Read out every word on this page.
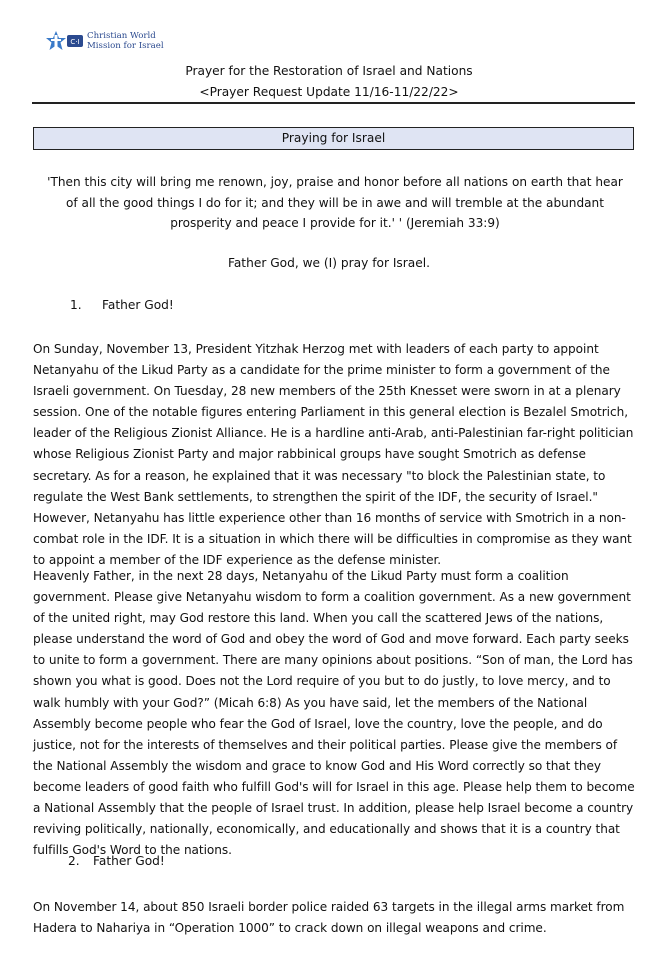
C·I
Christian World
Mission for Israel
Prayer for the Restoration of Israel and Nations
<Prayer Request Update 11/16-11/22/22>
Praying for Israel
'Then this city will bring me renown, joy, praise and honor before all nations on earth that hear of all the good things I do for it; and they will be in awe and will tremble at the abundant prosperity and peace I provide for it.' ' (Jeremiah 33:9)
Father God, we (I) pray for Israel.
1.	Father God!
On Sunday, November 13, President Yitzhak Herzog met with leaders of each party to appoint Netanyahu of the Likud Party as a candidate for the prime minister to form a government of the Israeli government. On Tuesday, 28 new members of the 25th Knesset were sworn in at a plenary session. One of the notable figures entering Parliament in this general election is Bezalel Smotrich, leader of the Religious Zionist Alliance. He is a hardline anti-Arab, anti-Palestinian far-right politician whose Religious Zionist Party and major rabbinical groups have sought Smotrich as defense secretary. As for a reason, he explained that it was necessary "to block the Palestinian state, to regulate the West Bank settlements, to strengthen the spirit of the IDF, the security of Israel." However, Netanyahu has little experience other than 16 months of service with Smotrich in a non-combat role in the IDF. It is a situation in which there will be difficulties in compromise as they want to appoint a member of the IDF experience as the defense minister.
Heavenly Father, in the next 28 days, Netanyahu of the Likud Party must form a coalition government. Please give Netanyahu wisdom to form a coalition government. As a new government of the united right, may God restore this land. When you call the scattered Jews of the nations, please understand the word of God and obey the word of God and move forward. Each party seeks to unite to form a government. There are many opinions about positions. “Son of man, the Lord has shown you what is good. Does not the Lord require of you but to do justly, to love mercy, and to walk humbly with your God?” (Micah 6:8) As you have said, let the members of the National Assembly become people who fear the God of Israel, love the country, love the people, and do justice, not for the interests of themselves and their political parties. Please give the members of the National Assembly the wisdom and grace to know God and His Word correctly so that they become leaders of good faith who fulfill God's will for Israel in this age. Please help them to become a National Assembly that the people of Israel trust. In addition, please help Israel become a country reviving politically, nationally, economically, and educationally and shows that it is a country that fulfills God's Word to the nations.
2.	Father God!
On November 14, about 850 Israeli border police raided 63 targets in the illegal arms market from Hadera to Nahariya in “Operation 1000” to crack down on illegal weapons and crime.
